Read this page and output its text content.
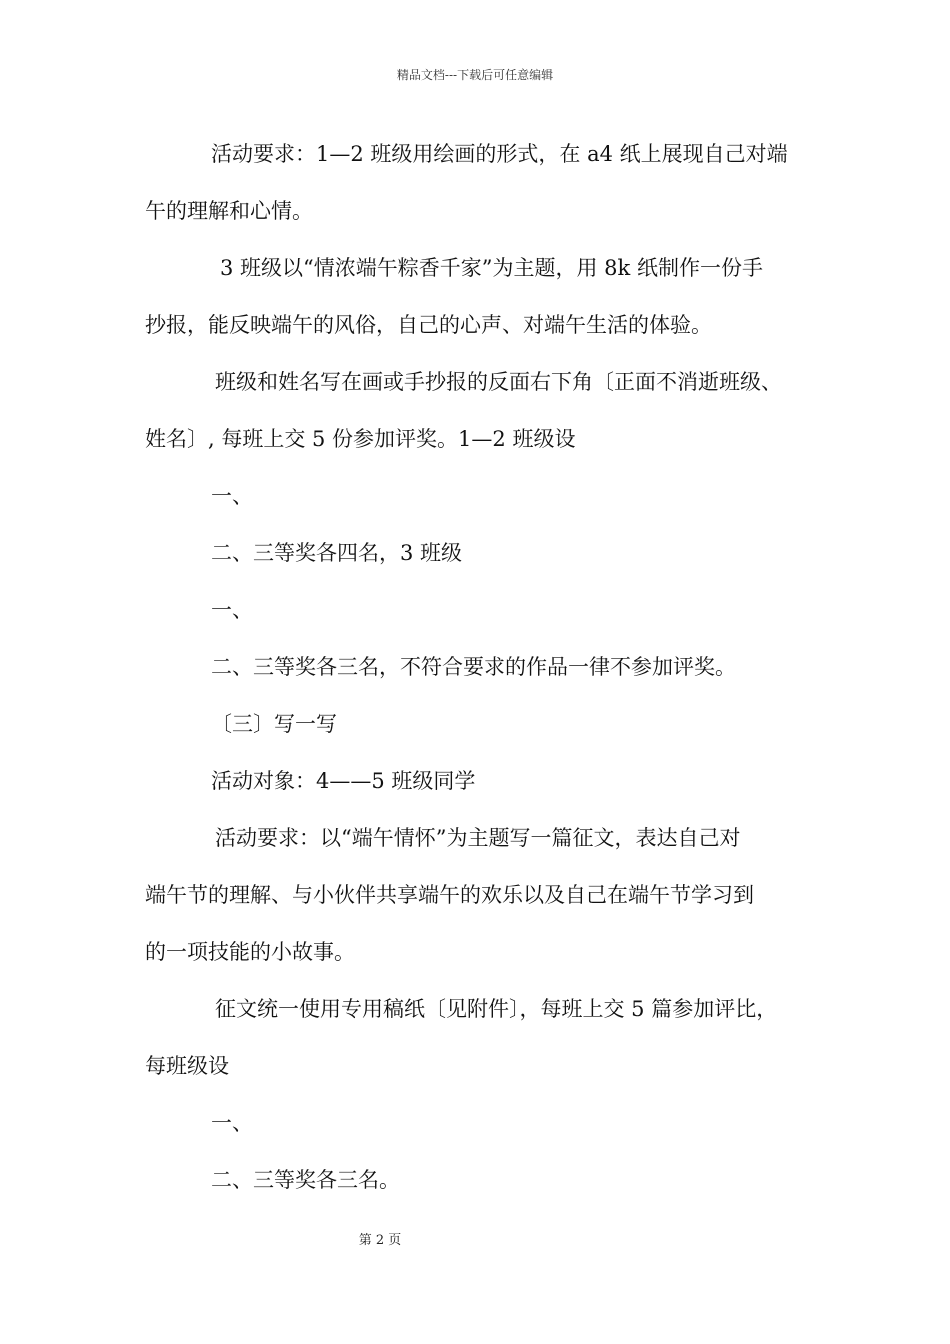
精品文档---下载后可任意编辑
活动要求：1—2 班级用绘画的形式，在 a4 纸上展现自己对端
午的理解和心情。
3 班级以“情浓端午粽香千家”为主题，用 8k 纸制作一份手
抄报，能反映端午的风俗，自己的心声、对端午生活的体验。
班级和姓名写在画或手抄报的反面右下角〔正面不消逝班级、
姓名〕, 每班上交 5 份参加评奖。1—2 班级设
一、
二、三等奖各四名，3 班级
一、
二、三等奖各三名，不符合要求的作品一律不参加评奖。
〔三〕写一写
活动对象：4——5 班级同学
活动要求：以“端午情怀”为主题写一篇征文，表达自己对
端午节的理解、与小伙伴共享端午的欢乐以及自己在端午节学习到
的一项技能的小故事。
征文统一使用专用稿纸〔见附件〕，每班上交 5 篇参加评比，
每班级设
一、
二、三等奖各三名。
第 2 页
